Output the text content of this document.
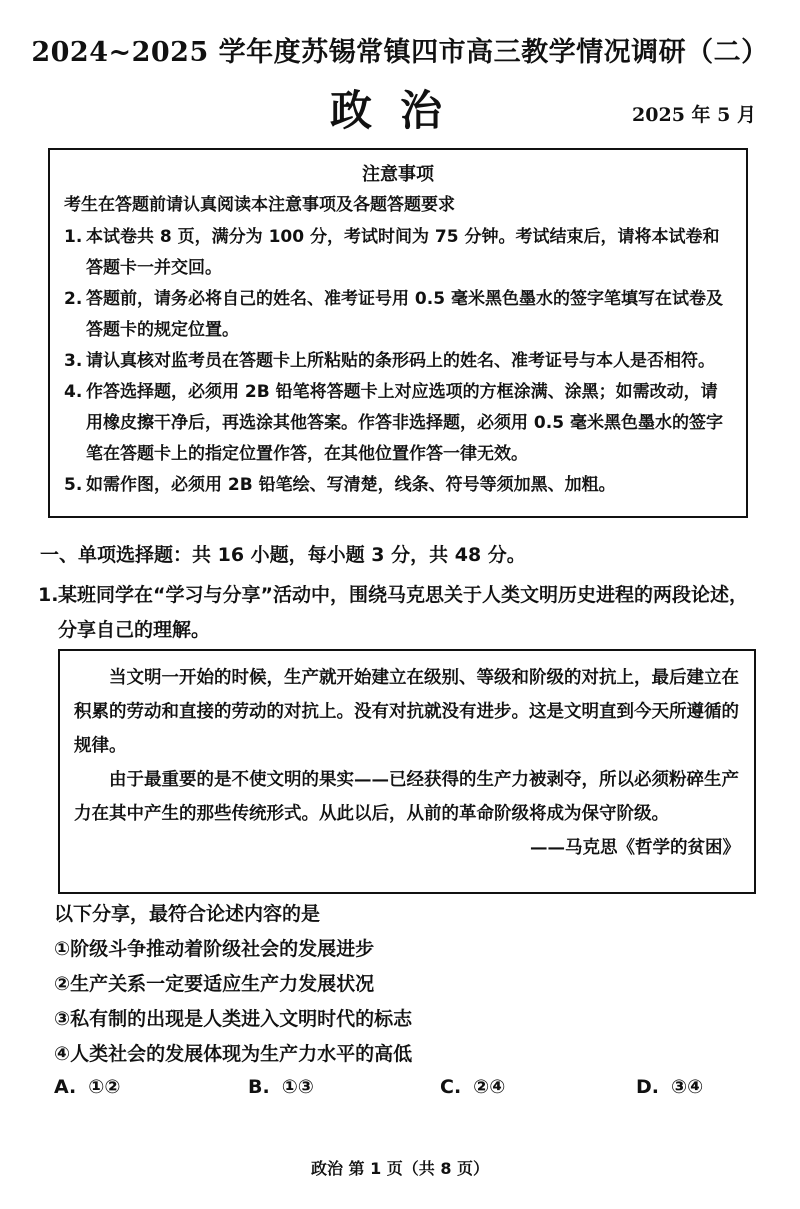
2024~2025 学年度苏锡常镇四市高三教学情况调研（二）
政治	2025 年 5 月
注意事项
考生在答题前请认真阅读本注意事项及各题答题要求
1. 本试卷共 8 页，满分为 100 分，考试时间为 75 分钟。考试结束后，请将本试卷和答题卡一并交回。
2. 答题前，请务必将自己的姓名、准考证号用 0.5 毫米黑色墨水的签字笔填写在试卷及答题卡的规定位置。
3. 请认真核对监考员在答题卡上所粘贴的条形码上的姓名、准考证号与本人是否相符。
4. 作答选择题，必须用 2B 铅笔将答题卡上对应选项的方框涂满、涂黑；如需改动，请用橡皮擦干净后，再选涂其他答案。作答非选择题，必须用 0.5 毫米黑色墨水的签字笔在答题卡上的指定位置作答，在其他位置作答一律无效。
5. 如需作图，必须用 2B 铅笔绘、写清楚，线条、符号等须加黑、加粗。
一、单项选择题：共 16 小题，每小题 3 分，共 48 分。
1. 某班同学在“学习与分享”活动中，围绕马克思关于人类文明历史进程的两段论述，分享自己的理解。

当文明一开始的时候，生产就开始建立在级别、等级和阶级的对抗上，最后建立在积累的劳动和直接的劳动的对抗上。没有对抗就没有进步。这是文明直到今天所遵循的规律。

由于最重要的是不使文明的果实——已经获得的生产力被剥夺，所以必须粉碎生产力在其中产生的那些传统形式。从此以后，从前的革命阶级将成为保守阶级。

——马克思《哲学的贫困》

以下分享，最符合论述内容的是

①阶级斗争推动着阶级社会的发展进步

②生产关系一定要适应生产力发展状况

③私有制的出现是人类进入文明时代的标志

④人类社会的发展体现为生产力水平的高低

A. ①②	B. ①③	C. ②④	D. ③④
政治 第 1 页（共 8 页）
